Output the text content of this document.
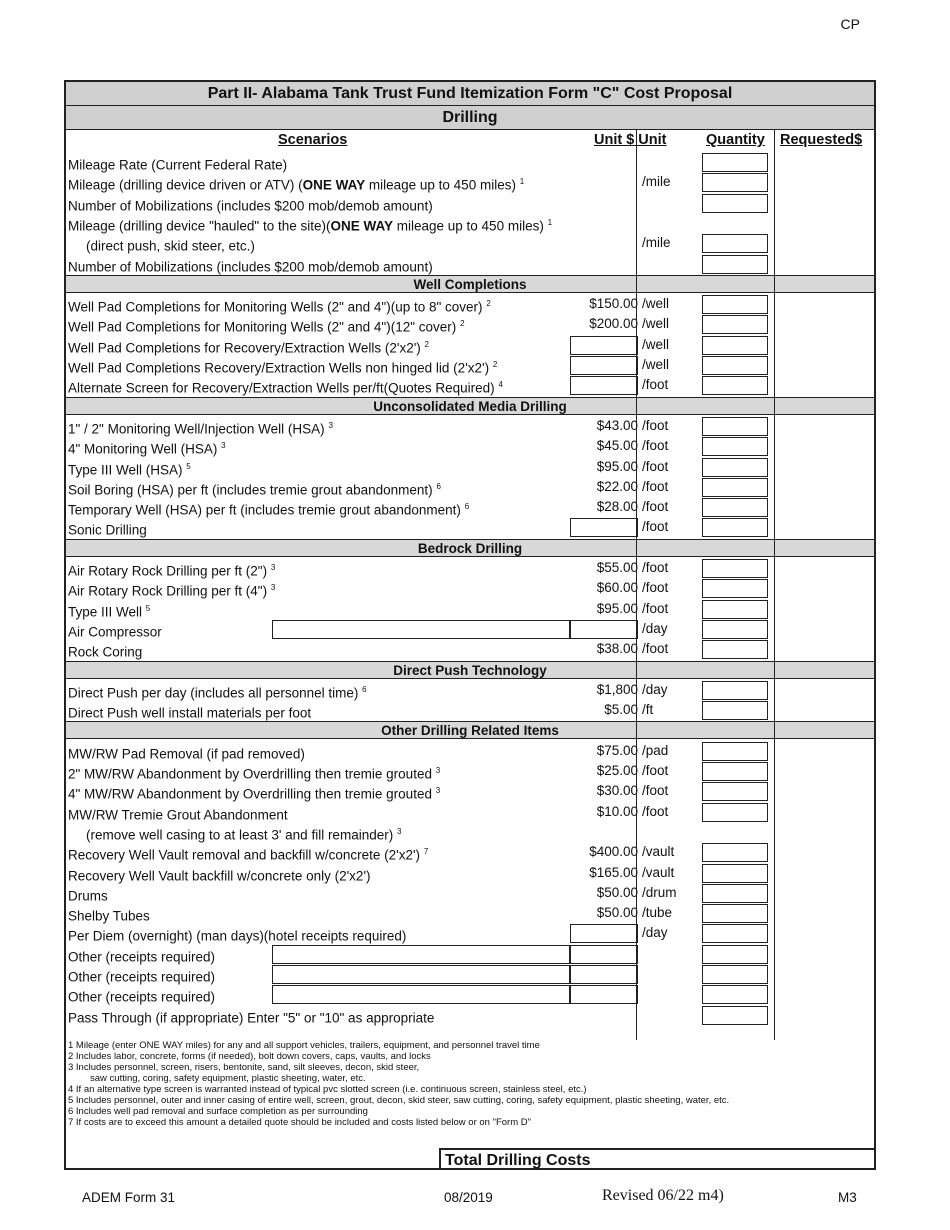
CP
Part II- Alabama Tank Trust Fund Itemization Form "C" Cost Proposal
Drilling
Scenarios	Unit $ Unit	Quantity Requested$
Mileage Rate (Current Federal Rate)
Mileage (drilling device driven or ATV) (ONE WAY mileage up to 450 miles) $^1$	/mile
Number of Mobilizations (includes $200 mob/demob amount)
Mileage (drilling device "hauled" to the site)(ONE WAY mileage up to 450 miles) $^1$
(direct push, skid steer, etc.)	/mile
Number of Mobilizations (includes $200 mob/demob amount)
Well Completions
Well Pad Completions for Monitoring Wells (2" and 4")(up to 8" cover) $^2$	$150.00 /well
Well Pad Completions for Monitoring Wells (2" and 4")(12" cover) $^2$	$200.00 /well
Well Pad Completions for Recovery/Extraction Wells (2'x2') $^2$	/well
Well Pad Completions Recovery/Extraction Wells non hinged lid (2'x2') $^2$	/well
Alternate Screen for Recovery/Extraction Wells per/ft(Quotes Required) $^4$	/foot
Unconsolidated Media Drilling
1" / 2" Monitoring Well/Injection Well (HSA) $^3$	$43.00 /foot
4" Monitoring Well (HSA) $^3$	$45.00 /foot
Type III Well (HSA) $^5$	$95.00 /foot
Soil Boring (HSA) per ft (includes tremie grout abandonment) $^6$	$22.00 /foot
Temporary Well (HSA) per ft (includes tremie grout abandonment) $^6$	$28.00 /foot
Sonic Drilling	/foot
Bedrock Drilling
Air Rotary Rock Drilling per ft (2") $^3$	$55.00 /foot
Air Rotary Rock Drilling per ft (4") $^3$	$60.00 /foot
Type III Well $^5$	$95.00 /foot
Air Compressor	/day
Rock Coring	$38.00 /foot
Direct Push Technology
Direct Push per day (includes all personnel time) $^6$	$1,800 /day
Direct Push well install materials per foot	$5.00 /ft
Other Drilling Related Items
MW/RW Pad Removal (if pad removed)	$75.00 /pad
2" MW/RW Abandonment by Overdrilling then tremie grouted $^3$	$25.00 /foot
4" MW/RW Abandonment by Overdrilling then tremie grouted $^3$	$30.00 /foot
MW/RW Tremie Grout Abandonment	$10.00 /foot
(remove well casing to at least 3' and fill remainder) $^3$
Recovery Well Vault removal and backfill w/concrete (2'x2') $^7$	$400.00 /vault
Recovery Well Vault backfill w/concrete only (2'x2')	$165.00 /vault
Drums	$50.00 /drum
Shelby Tubes	$50.00 /tube
Per Diem (overnight) (man days)(hotel receipts required)	/day
Other (receipts required)
Other (receipts required)
Other (receipts required)
Pass Through (if appropriate) Enter "5" or "10" as appropriate
1 Mileage (enter ONE WAY miles) for any and all support vehicles, trailers, equipment, and personnel travel time
2 Includes labor, concrete, forms (if needed), bolt down covers, caps, vaults, and locks
3 Includes personnel, screen, risers, bentonite, sand, silt sleeves, decon, skid steer,
saw cutting, coring, safety equipment, plastic sheeting, water, etc.
4 If an alternative type screen is warranted instead of typical pvc slotted screen (i.e. continuous screen, stainless steel, etc.)
5 Includes personnel, outer and inner casing of entire well, screen, grout, decon, skid steer, saw cutting, coring, safety equipment, plastic sheeting, water, etc.
6 Includes well pad removal and surface completion as per surrounding
7 If costs are to exceed this amount a detailed quote should be included and costs listed below or on "Form D"
Total Drilling Costs
ADEM Form 31	08/2019	Revised 06/22 m4)	M3
